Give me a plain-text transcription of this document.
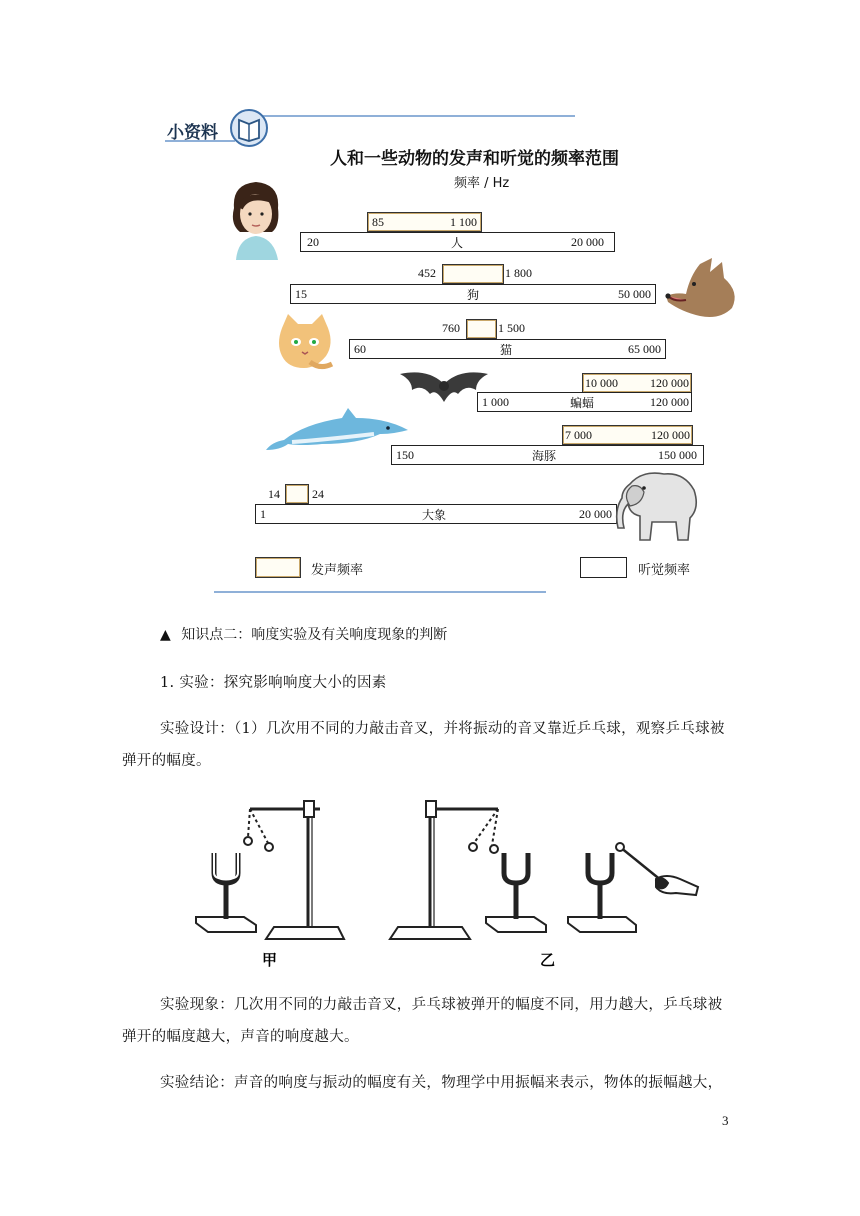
小资料
人和一些动物的发声和听觉的频率范围
频率 / Hz
85	1 100
20	人	20 000
452	1 800
15	狗	50 000
760	1 500
60	猫	65 000
10 000	120 000
1 000	蝙蝠	120 000
7 000	120 000
150	海豚	150 000
14	24
1	大象	20 000
发声频率	听觉频率
▲ 知识点二：响度实验及有关响度现象的判断
1. 实验：探究影响响度大小的因素
实验设计：（1）几次用不同的力敲击音叉，并将振动的音叉靠近乒乓球，观察乒乓球被
弹开的幅度。
甲	乙
实验现象：几次用不同的力敲击音叉，乒乓球被弹开的幅度不同，用力越大，乒乓球被
弹开的幅度越大，声音的响度越大。
实验结论：声音的响度与振动的幅度有关，物理学中用振幅来表示，物体的振幅越大，
3
